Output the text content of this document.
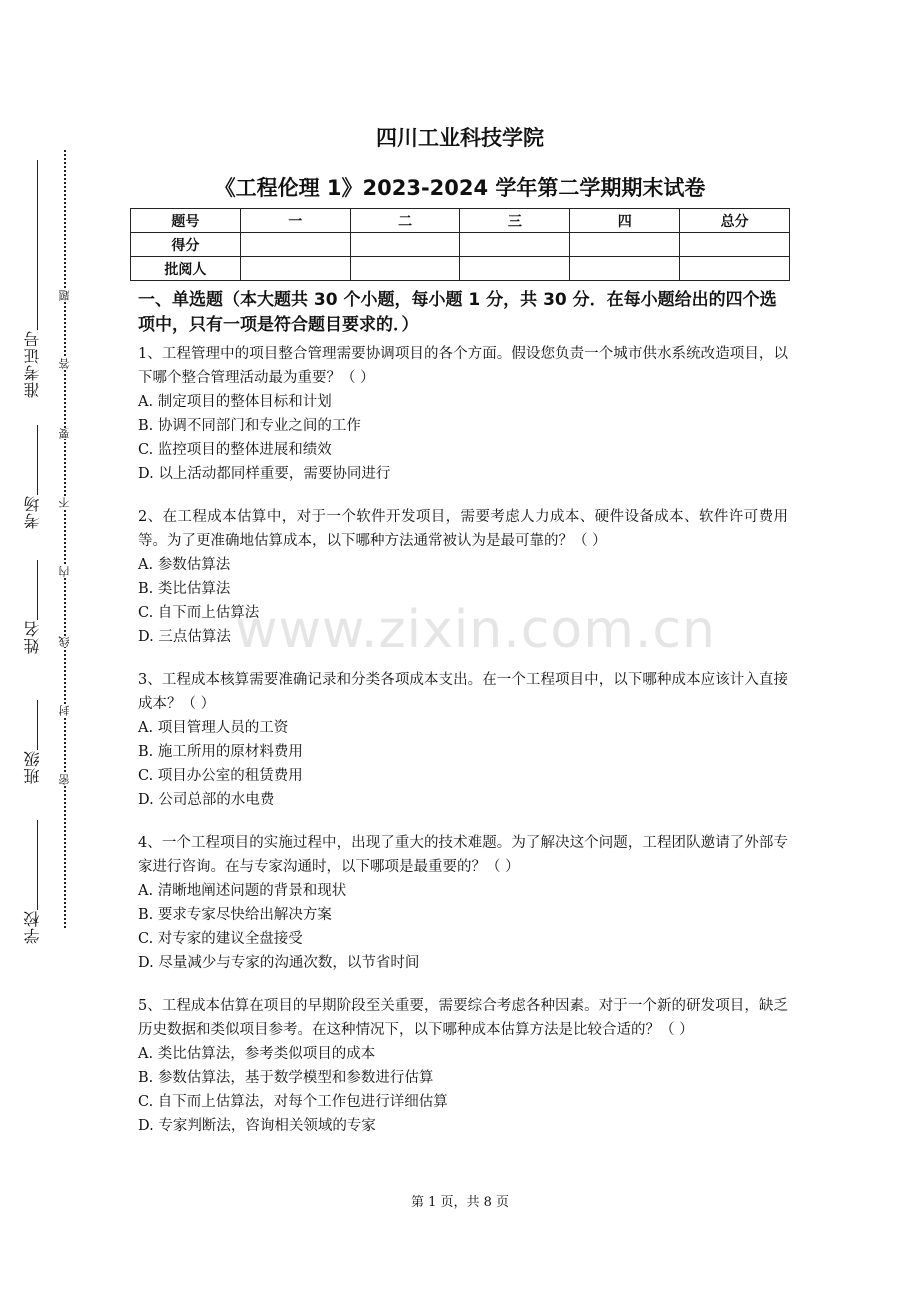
准考证号
考场
姓名
班级
学校
题
答
要
不
内
线
封
密
四川工业科技学院
《工程伦理 1》2023-2024 学年第二学期期末试卷
题号	一	二	三	四	总分
得分					
批阅人					

一、单选题（本大题共 30 个小题，每小题 1 分，共 30 分．在每小题给出的四个选项中，只有一项是符合题目要求的．）

1、工程管理中的项目整合管理需要协调项目的各个方面。假设您负责一个城市供水系统改造项目，以下哪个整合管理活动最为重要？（ ）

A. 制定项目的整体目标和计划

B. 协调不同部门和专业之间的工作

C. 监控项目的整体进展和绩效

D. 以上活动都同样重要，需要协同进行

2、在工程成本估算中，对于一个软件开发项目，需要考虑人力成本、硬件设备成本、软件许可费用等。为了更准确地估算成本，以下哪种方法通常被认为是最可靠的？（ ）

A. 参数估算法

B. 类比估算法

C. 自下而上估算法

D. 三点估算法

3、工程成本核算需要准确记录和分类各项成本支出。在一个工程项目中，以下哪种成本应该计入直接成本？（ ）

A. 项目管理人员的工资

B. 施工所用的原材料费用

C. 项目办公室的租赁费用

D. 公司总部的水电费

4、一个工程项目的实施过程中，出现了重大的技术难题。为了解决这个问题，工程团队邀请了外部专家进行咨询。在与专家沟通时，以下哪项是最重要的？（ ）

A. 清晰地阐述问题的背景和现状

B. 要求专家尽快给出解决方案

C. 对专家的建议全盘接受

D. 尽量减少与专家的沟通次数，以节省时间

5、工程成本估算在项目的早期阶段至关重要，需要综合考虑各种因素。对于一个新的研发项目，缺乏历史数据和类似项目参考。在这种情况下，以下哪种成本估算方法是比较合适的？（ ）

A. 类比估算法，参考类似项目的成本

B. 参数估算法，基于数学模型和参数进行估算

C. 自下而上估算法，对每个工作包进行详细估算

D. 专家判断法，咨询相关领域的专家

www.zixin.com.cn
第 1 页，共 8 页
